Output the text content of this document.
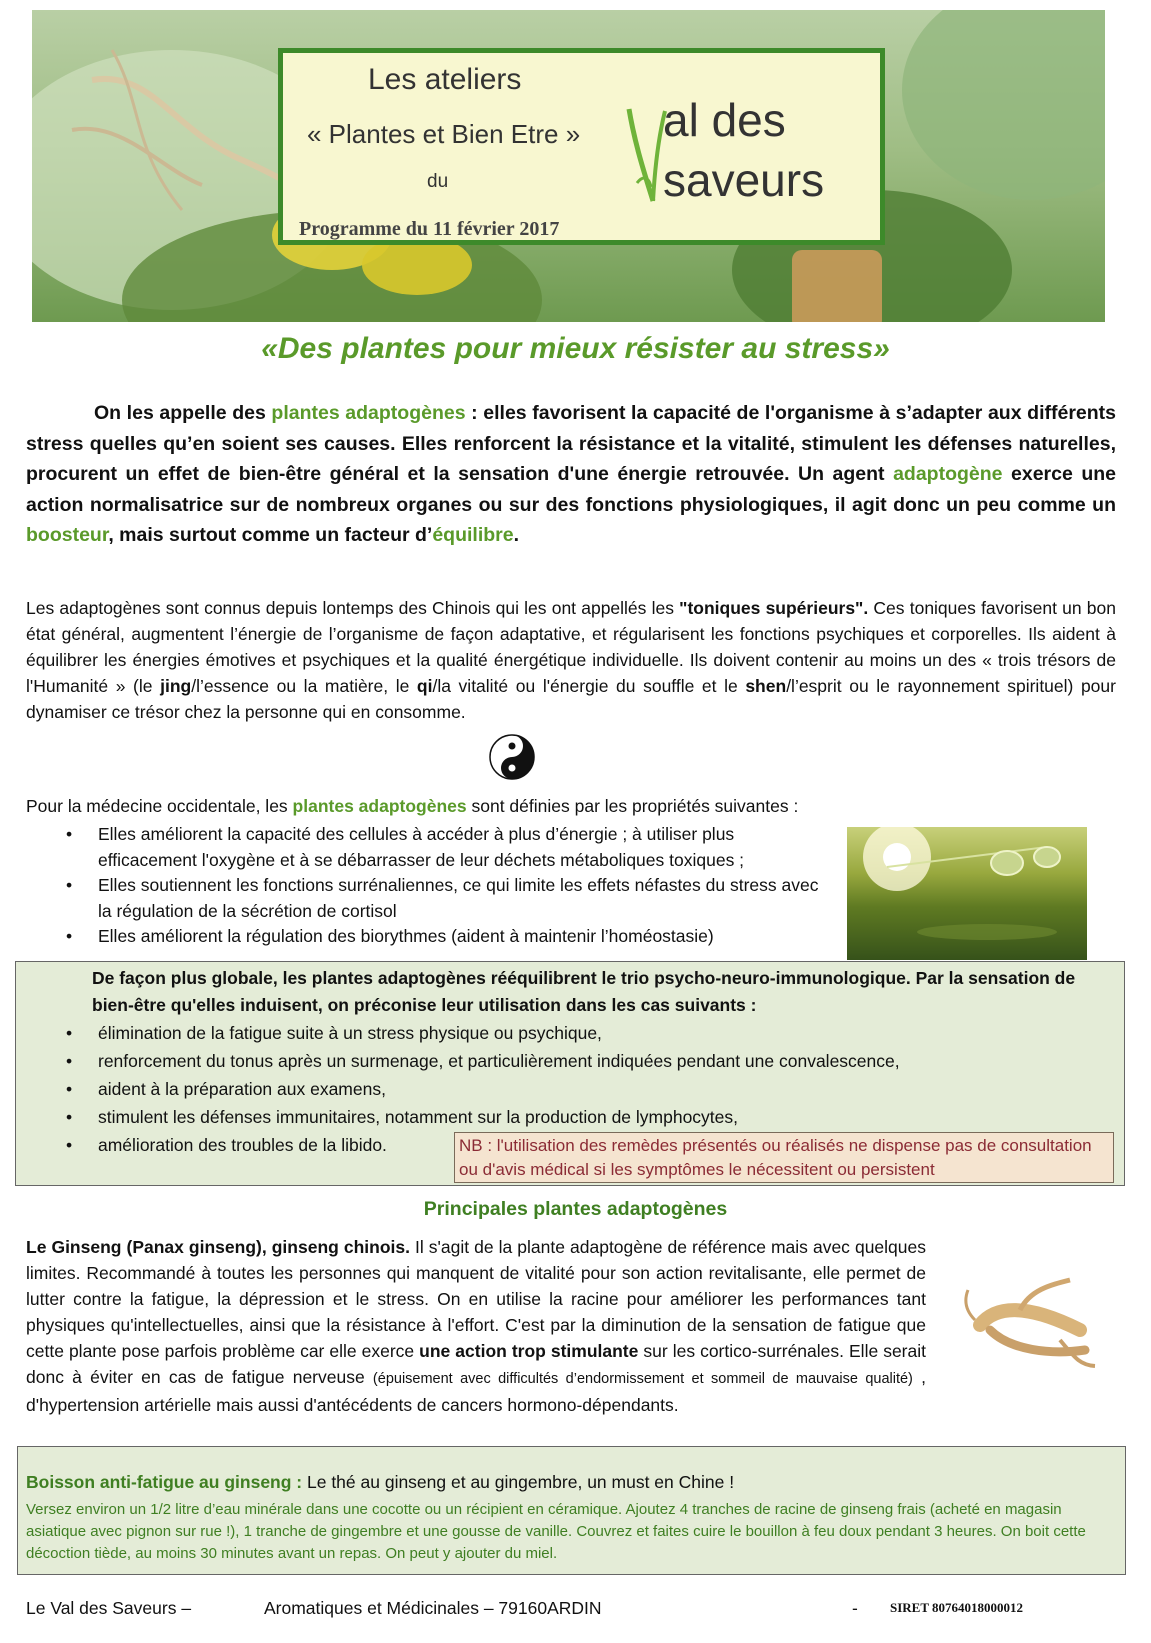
Les ateliers
« Plantes et Bien Etre »
du
Programme du 11 février 2017
al des
saveurs
«Des plantes pour mieux résister au stress»
On les appelle des plantes adaptogènes : elles favorisent la capacité de l'organisme à s’adapter aux différents stress quelles qu’en soient ses causes. Elles renforcent la résistance et la vitalité, stimulent les défenses naturelles, procurent un effet de bien-être général et la sensation d'une énergie retrouvée. Un agent adaptogène exerce une action normalisatrice sur de nombreux organes ou sur des fonctions physiologiques, il agit donc un peu comme un boosteur, mais surtout comme un facteur d’équilibre.
Les adaptogènes sont connus depuis lontemps des Chinois qui les ont appellés les "toniques supérieurs". Ces toniques favorisent un bon état général, augmentent l’énergie de l’organisme de façon adaptative, et régularisent les fonctions psychiques et corporelles. Ils aident à équilibrer les énergies émotives et psychiques et la qualité énergétique individuelle. Ils doivent contenir au moins un des « trois trésors de l'Humanité » (le jing/l’essence ou la matière, le qi/la vitalité ou l'énergie du souffle et le shen/l’esprit ou le rayonnement spirituel) pour dynamiser ce trésor chez la personne qui en consomme.
Pour la médecine occidentale, les plantes adaptogènes sont définies par les propriétés suivantes :
• Elles améliorent la capacité des cellules à accéder à plus d’énergie ; à utiliser plus efficacement l'oxygène et à se débarrasser de leur déchets métaboliques toxiques ;
• Elles soutiennent les fonctions surrénaliennes, ce qui limite les effets néfastes du stress avec la régulation de la sécrétion de cortisol
• Elles améliorent la régulation des biorythmes (aident à maintenir l’homéostasie)
De façon plus globale, les plantes adaptogènes rééquilibrent le trio psycho-neuro-immunologique. Par la sensation de bien-être qu'elles induisent, on préconise leur utilisation dans les cas suivants :
• élimination de la fatigue suite à un stress physique ou psychique,
• renforcement du tonus après un surmenage, et particulièrement indiquées pendant une convalescence,
• aident à la préparation aux examens,
• stimulent les défenses immunitaires, notamment sur la production de lymphocytes,
• amélioration des troubles de la libido.	NB : l'utilisation des remèdes présentés ou réalisés ne dispense pas de consultation ou d'avis médical si les symptômes le nécessitent ou persistent
Principales plantes adaptogènes
Le Ginseng (Panax ginseng), ginseng chinois. Il s'agit de la plante adaptogène de référence mais avec quelques limites. Recommandé à toutes les personnes qui manquent de vitalité pour son action revitalisante, elle permet de lutter contre la fatigue, la dépression et le stress. On en utilise la racine pour améliorer les performances tant physiques qu'intellectuelles, ainsi que la résistance à l'effort. C'est par la diminution de la sensation de fatigue que cette plante pose parfois problème car elle exerce une action trop stimulante sur les cortico-surrénales. Elle serait donc à éviter en cas de fatigue nerveuse (épuisement avec difficultés d’endormissement et sommeil de mauvaise qualité) , d'hypertension artérielle mais aussi d'antécédents de cancers hormono-dépendants.
Boisson anti-fatigue au ginseng : Le thé au ginseng et au gingembre, un must en Chine !
Versez environ un 1/2 litre d’eau minérale dans une cocotte ou un récipient en céramique. Ajoutez 4 tranches de racine de ginseng frais (acheté en magasin asiatique avec pignon sur rue !), 1 tranche de gingembre et une gousse de vanille. Couvrez et faites cuire le bouillon à feu doux pendant 3 heures. On boit cette décoction tiède, au moins 30 minutes avant un repas. On peut y ajouter du miel.
Le Val des Saveurs –	Aromatiques et Médicinales – 79160ARDIN	- SIRET 80764018000012
